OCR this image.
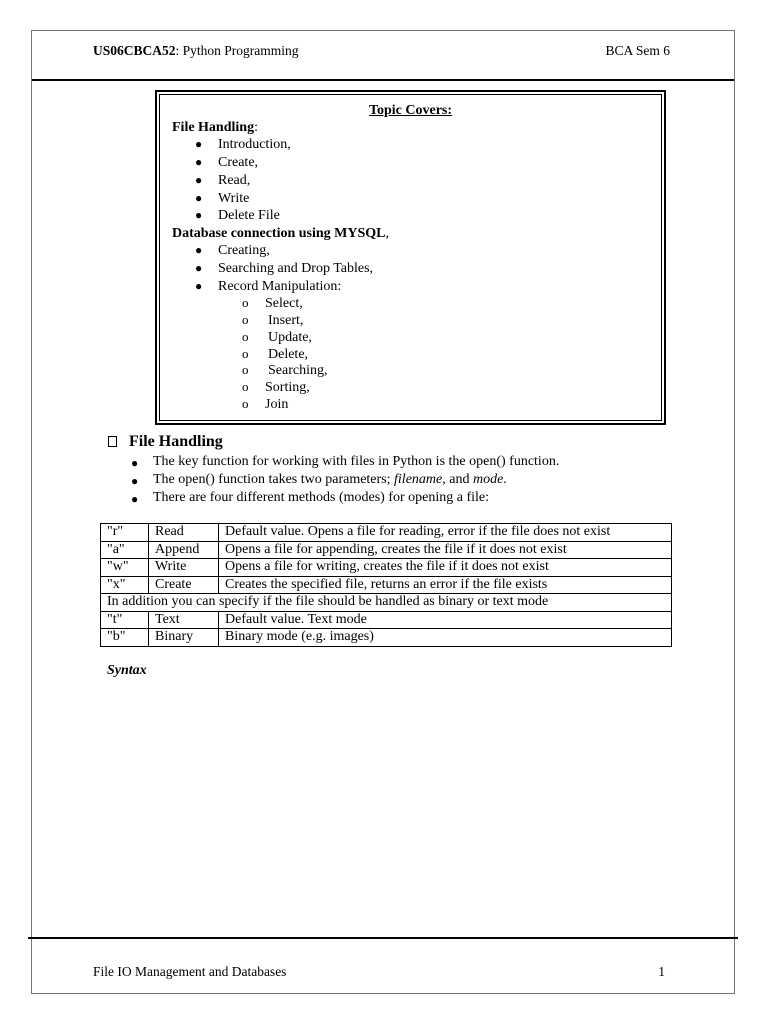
US06CBCA52: Python Programming	BCA Sem 6
Topic Covers:
File Handling:
● Introduction,
● Create,
● Read,
● Write
● Delete File
Database connection using MYSQL,
● Creating,
● Searching and Drop Tables,
● Record Manipulation:
o Select,
o Insert,
o Update,
o Delete,
o Searching,
o Sorting,
o Join
File Handling
● The key function for working with files in Python is the open() function.
● The open() function takes two parameters; filename, and mode.
● There are four different methods (modes) for opening a file:
"r"	Read	Default value. Opens a file for reading, error if the file does not exist
"a"	Append	Opens a file for appending, creates the file if it does not exist
"w"	Write	Opens a file for writing, creates the file if it does not exist
"x"	Create	Creates the specified file, returns an error if the file exists
In addition you can specify if the file should be handled as binary or text mode		
"t"	Text	Default value. Text mode
"b"	Binary	Binary mode (e.g. images)
Syntax
File IO Management and Databases	1
